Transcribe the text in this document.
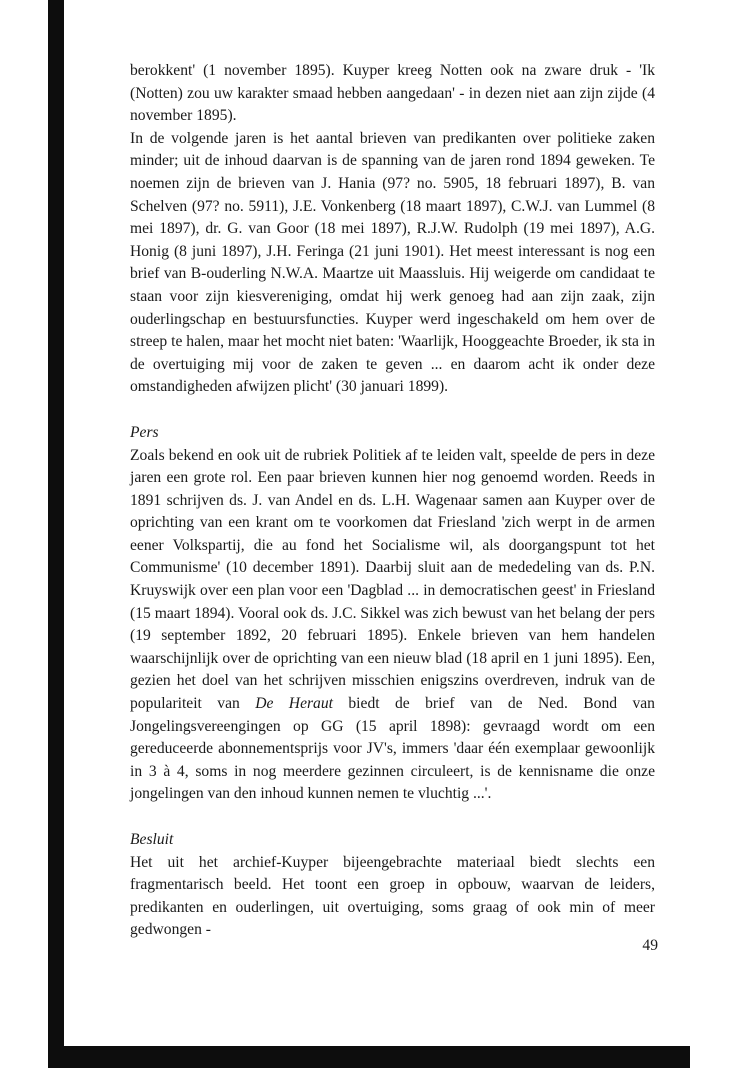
berokkent' (1 november 1895). Kuyper kreeg Notten ook na zware druk - 'Ik (Notten) zou uw karakter smaad hebben aangedaan' - in dezen niet aan zijn zijde (4 november 1895).

In de volgende jaren is het aantal brieven van predikanten over politieke zaken minder; uit de inhoud daarvan is de spanning van de jaren rond 1894 geweken. Te noemen zijn de brieven van J. Hania (97? no. 5905, 18 februari 1897), B. van Schelven (97? no. 5911), J.E. Vonkenberg (18 maart 1897), C.W.J. van Lummel (8 mei 1897), dr. G. van Goor (18 mei 1897), R.J.W. Rudolph (19 mei 1897), A.G. Honig (8 juni 1897), J.H. Feringa (21 juni 1901). Het meest interessant is nog een brief van B-ouderling N.W.A. Maartze uit Maassluis. Hij weigerde om candidaat te staan voor zijn kiesvereniging, omdat hij werk genoeg had aan zijn zaak, zijn ouderlingschap en bestuursfuncties. Kuyper werd ingeschakeld om hem over de streep te halen, maar het mocht niet baten: 'Waarlijk, Hooggeachte Broeder, ik sta in de overtuiging mij voor de zaken te geven ... en daarom acht ik onder deze omstandigheden afwijzen plicht' (30 januari 1899).

Pers

Zoals bekend en ook uit de rubriek Politiek af te leiden valt, speelde de pers in deze jaren een grote rol. Een paar brieven kunnen hier nog genoemd worden. Reeds in 1891 schrijven ds. J. van Andel en ds. L.H. Wagenaar samen aan Kuyper over de oprichting van een krant om te voorkomen dat Friesland 'zich werpt in de armen eener Volkspartij, die au fond het Socialisme wil, als doorgangspunt tot het Communisme' (10 december 1891). Daarbij sluit aan de mededeling van ds. P.N. Kruyswijk over een plan voor een 'Dagblad ... in democratischen geest' in Friesland (15 maart 1894). Vooral ook ds. J.C. Sikkel was zich bewust van het belang der pers (19 september 1892, 20 februari 1895). Enkele brieven van hem handelen waarschijnlijk over de oprichting van een nieuw blad (18 april en 1 juni 1895). Een, gezien het doel van het schrijven misschien enigszins overdreven, indruk van de populariteit van De Heraut biedt de brief van de Ned. Bond van Jongelingsvereengingen op GG (15 april 1898): gevraagd wordt om een gereduceerde abonnementsprijs voor JV's, immers 'daar één exemplaar gewoonlijk in 3 à 4, soms in nog meerdere gezinnen circuleert, is de kennisname die onze jongelingen van den inhoud kunnen nemen te vluchtig ...'.

Besluit

Het uit het archief-Kuyper bijeengebrachte materiaal biedt slechts een fragmentarisch beeld. Het toont een groep in opbouw, waarvan de leiders, predikanten en ouderlingen, uit overtuiging, soms graag of ook min of meer gedwongen -

49
